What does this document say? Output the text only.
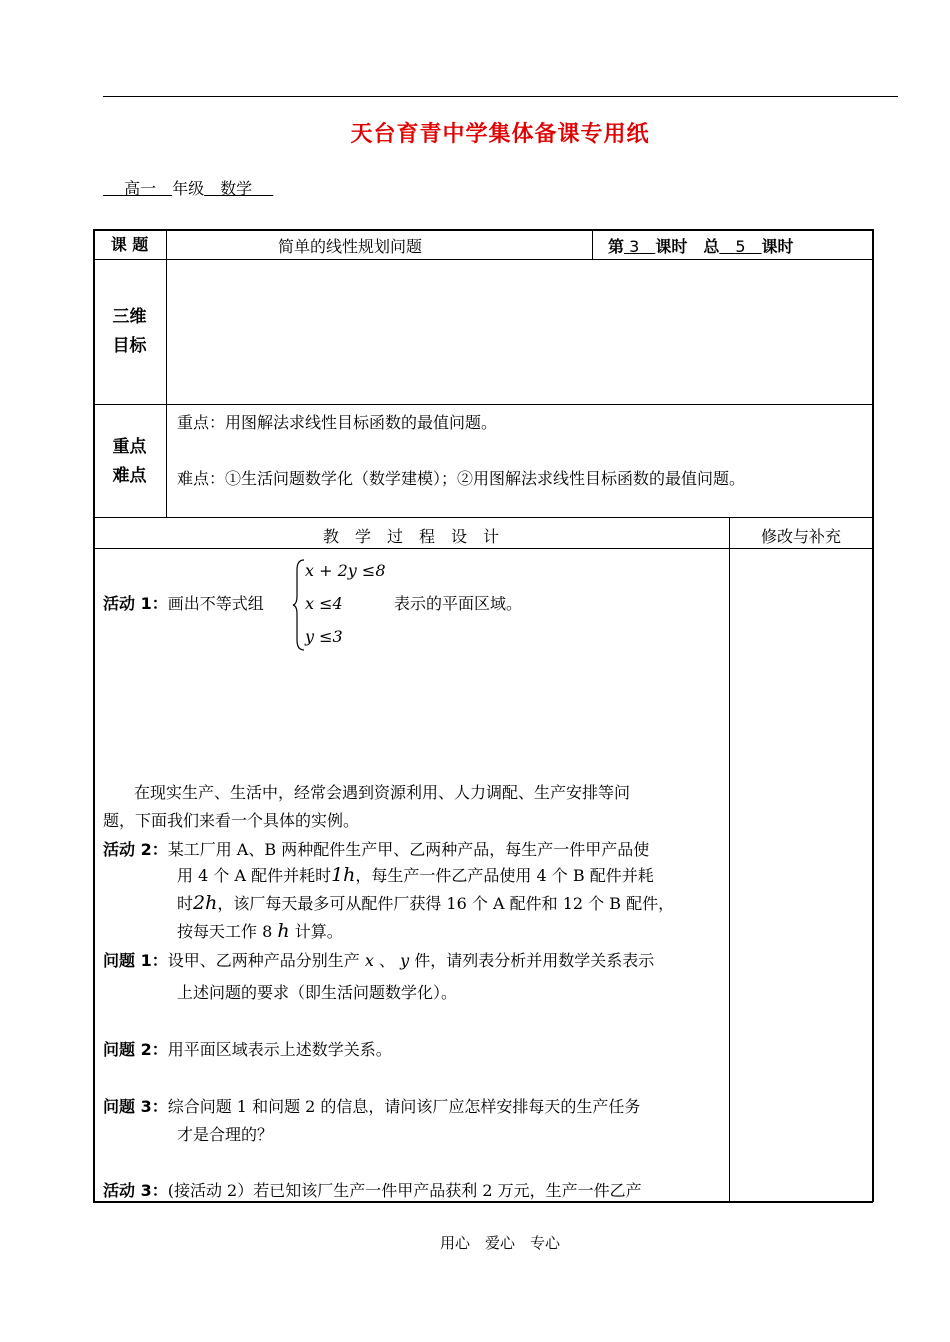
天台育青中学集体备课专用纸
　 高一　 年级　 数学　
课 题	简单的线性规划问题	第 3　 课时　总　 5　 课时
三维
目标
重点
难点
重点：用图解法求线性目标函数的最值问题。
难点：①生活问题数学化（数学建模）；②用图解法求线性目标函数的最值问题。
教　学　过　程　设　计	修改与补充
活动 1：画出不等式组
x + 2y ≤8
x ≤4
y ≤3
表示的平面区域。
在现实生产、生活中，经常会遇到资源利用、人力调配、生产安排等问
题，下面我们来看一个具体的实例。
活动 2：某工厂用 A、B 两种配件生产甲、乙两种产品，每生产一件甲产品使
用 4 个 A 配件并耗时1h，每生产一件乙产品使用 4 个 B 配件并耗
时2h，该厂每天最多可从配件厂获得 16 个 A 配件和 12 个 B 配件，
按每天工作 8 h 计算。
问题 1：设甲、乙两种产品分别生产 x 、 y 件，请列表分析并用数学关系表示
上述问题的要求（即生活问题数学化）。
问题 2：用平面区域表示上述数学关系。
问题 3：综合问题 1 和问题 2 的信息，请问该厂应怎样安排每天的生产任务
才是合理的？
活动 3：(接活动 2）若已知该厂生产一件甲产品获利 2 万元，生产一件乙产
用心　爱心　专心
